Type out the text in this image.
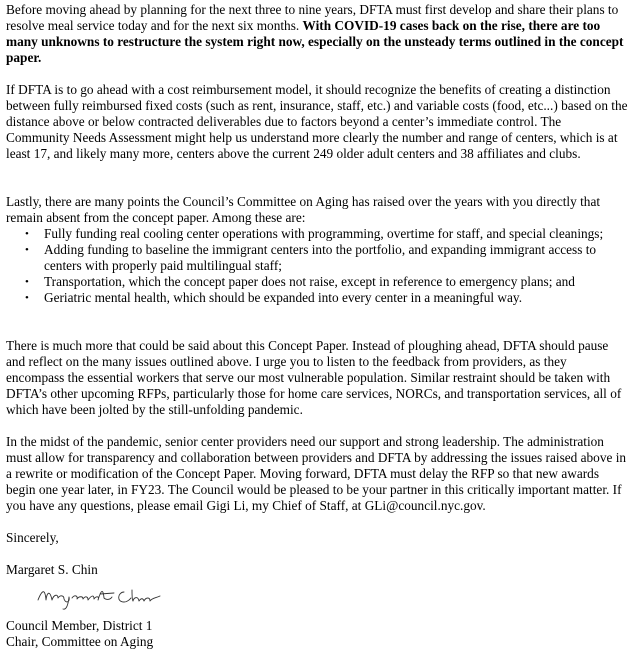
Before moving ahead by planning for the next three to nine years, DFTA must first develop and share their plans to resolve meal service today and for the next six months. With COVID-19 cases back on the rise, there are too many unknowns to restructure the system right now, especially on the unsteady terms outlined in the concept paper.

If DFTA is to go ahead with a cost reimbursement model, it should recognize the benefits of creating a distinction between fully reimbursed fixed costs (such as rent, insurance, staff, etc.) and variable costs (food, etc...) based on the distance above or below contracted deliverables due to factors beyond a center’s immediate control. The Community Needs Assessment might help us understand more clearly the number and range of centers, which is at least 17, and likely many more, centers above the current 249 older adult centers and 38 affiliates and clubs.

Lastly, there are many points the Council’s Committee on Aging has raised over the years with you directly that remain absent from the concept paper. Among these are:

• Fully funding real cooling center operations with programming, overtime for staff, and special cleanings;
• Adding funding to baseline the immigrant centers into the portfolio, and expanding immigrant access to centers with properly paid multilingual staff;
• Transportation, which the concept paper does not raise, except in reference to emergency plans; and
• Geriatric mental health, which should be expanded into every center in a meaningful way.

There is much more that could be said about this Concept Paper. Instead of ploughing ahead, DFTA should pause and reflect on the many issues outlined above. I urge you to listen to the feedback from providers, as they encompass the essential workers that serve our most vulnerable population. Similar restraint should be taken with DFTA’s other upcoming RFPs, particularly those for home care services, NORCs, and transportation services, all of which have been jolted by the still-unfolding pandemic.

In the midst of the pandemic, senior center providers need our support and strong leadership. The administration must allow for transparency and collaboration between providers and DFTA by addressing the issues raised above in a rewrite or modification of the Concept Paper. Moving forward, DFTA must delay the RFP so that new awards begin one year later, in FY23. The Council would be pleased to be your partner in this critically important matter. If you have any questions, please email Gigi Li, my Chief of Staff, at GLi@council.nyc.gov.

Sincerely,

Margaret S. Chin

Council Member, District 1

Chair, Committee on Aging
